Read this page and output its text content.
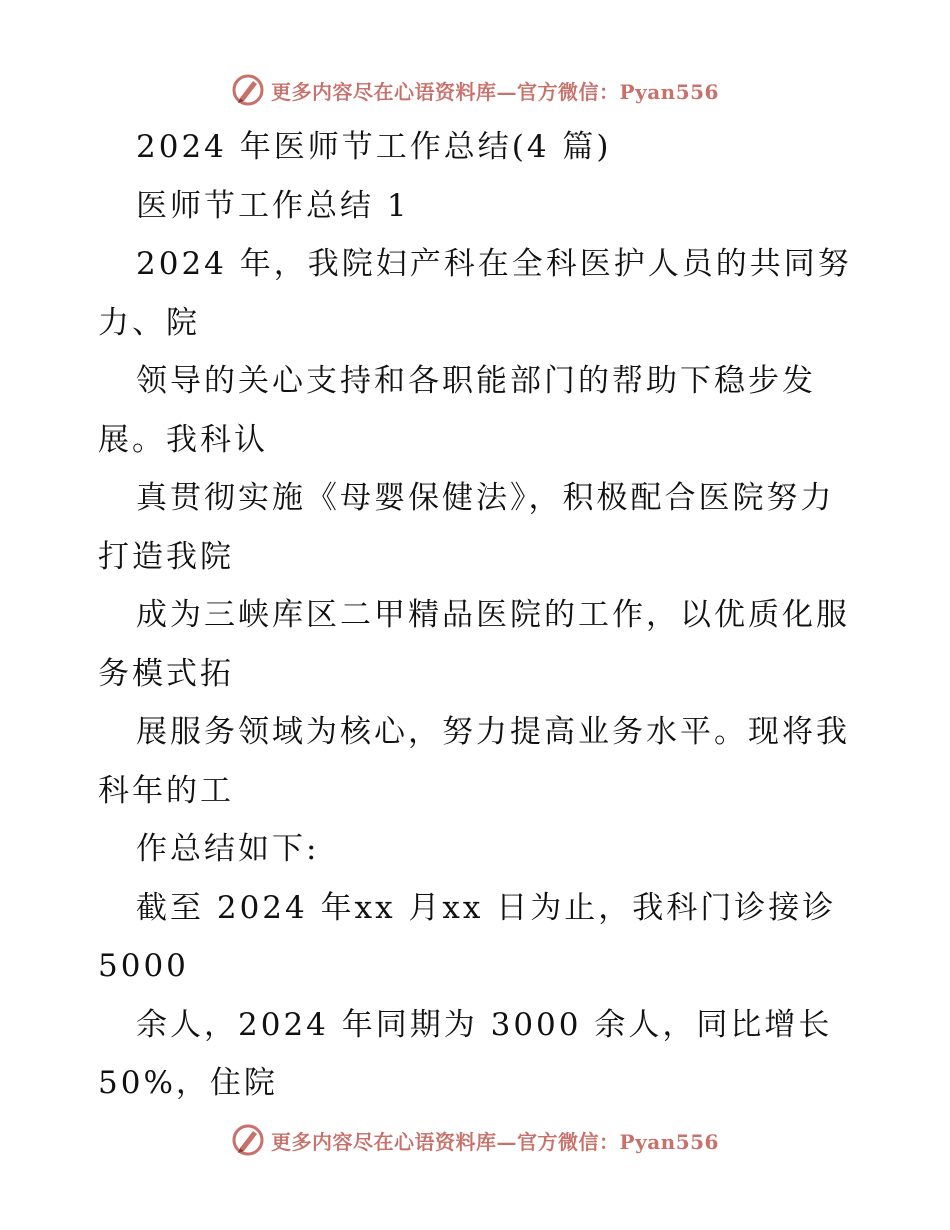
更多内容尽在心语资料库—官方微信：Pyan556
2024 年医师节工作总结(4 篇)
医师节工作总结 1
2024 年，我院妇产科在全科医护人员的共同努
力、院
领导的关心支持和各职能部门的帮助下稳步发
展。我科认
真贯彻实施《母婴保健法》，积极配合医院努力
打造我院
成为三峡库区二甲精品医院的工作，以优质化服
务模式拓
展服务领域为核心，努力提高业务水平。现将我
科年的工
作总结如下:
截至 2024 年xx 月xx 日为止，我科门诊接诊
5000
余人，2024 年同期为 3000 余人，同比增长
50%，住院
更多内容尽在心语资料库—官方微信：Pyan556
